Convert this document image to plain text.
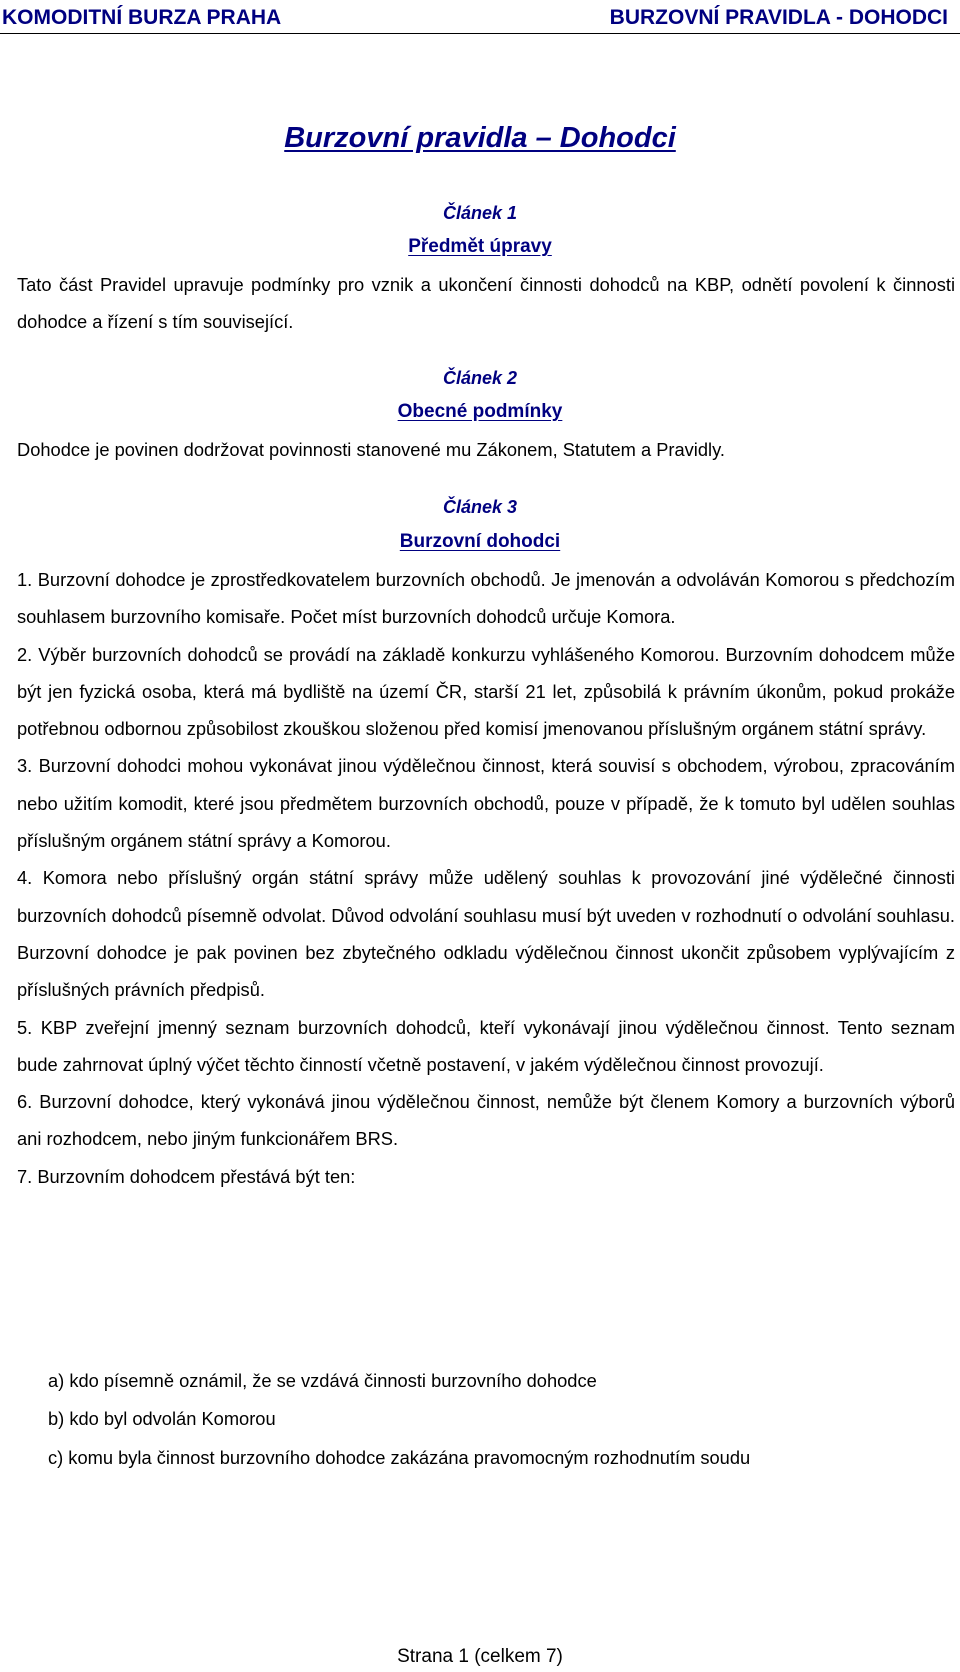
KOMODITNÍ BURZA PRAHA	BURZOVNÍ PRAVIDLA - DOHODCI
Burzovní pravidla – Dohodci
Článek 1
Předmět úpravy

Tato část Pravidel upravuje podmínky pro vznik a ukončení činnosti dohodců na KBP, odnětí povolení k činnosti dohodce a řízení s tím související.

Článek 2
Obecné podmínky

Dohodce je povinen dodržovat povinnosti stanovené mu Zákonem, Statutem a Pravidly.

Článek 3
Burzovní dohodci

1. Burzovní dohodce je zprostředkovatelem burzovních obchodů. Je jmenován a odvoláván Komorou s předchozím souhlasem burzovního komisaře. Počet míst burzovních dohodců určuje Komora.

2. Výběr burzovních dohodců se provádí na základě konkurzu vyhlášeného Komorou. Burzovním dohodcem může být jen fyzická osoba, která má bydliště na území ČR, starší 21 let, způsobilá k právním úkonům, pokud prokáže potřebnou odbornou způsobilost zkouškou složenou před komisí jmenovanou příslušným orgánem státní správy.

3. Burzovní dohodci mohou vykonávat jinou výdělečnou činnost, která souvisí s obchodem, výrobou, zpracováním nebo užitím komodit, které jsou předmětem burzovních obchodů, pouze v případě, že k tomuto byl udělen souhlas příslušným orgánem státní správy a Komorou.

4. Komora nebo příslušný orgán státní správy může udělený souhlas k provozování jiné výdělečné činnosti burzovních dohodců písemně odvolat. Důvod odvolání souhlasu musí být uveden v rozhodnutí o odvolání souhlasu. Burzovní dohodce je pak povinen bez zbytečného odkladu výdělečnou činnost ukončit způsobem vyplývajícím z příslušných právních předpisů.

5. KBP zveřejní jmenný seznam burzovních dohodců, kteří vykonávají jinou výdělečnou činnost. Tento seznam bude zahrnovat úplný výčet těchto činností včetně postavení, v jakém výdělečnou činnost provozují.

6. Burzovní dohodce, který vykonává jinou výdělečnou činnost, nemůže být členem Komory a burzovních výborů ani rozhodcem, nebo jiným funkcionářem BRS.

7. Burzovním dohodcem přestává být ten:

a) kdo písemně oznámil, že se vzdává činnosti burzovního dohodce
b) kdo byl odvolán Komorou
c) komu byla činnost burzovního dohodce zakázána pravomocným rozhodnutím soudu
Strana 1 (celkem 7)
